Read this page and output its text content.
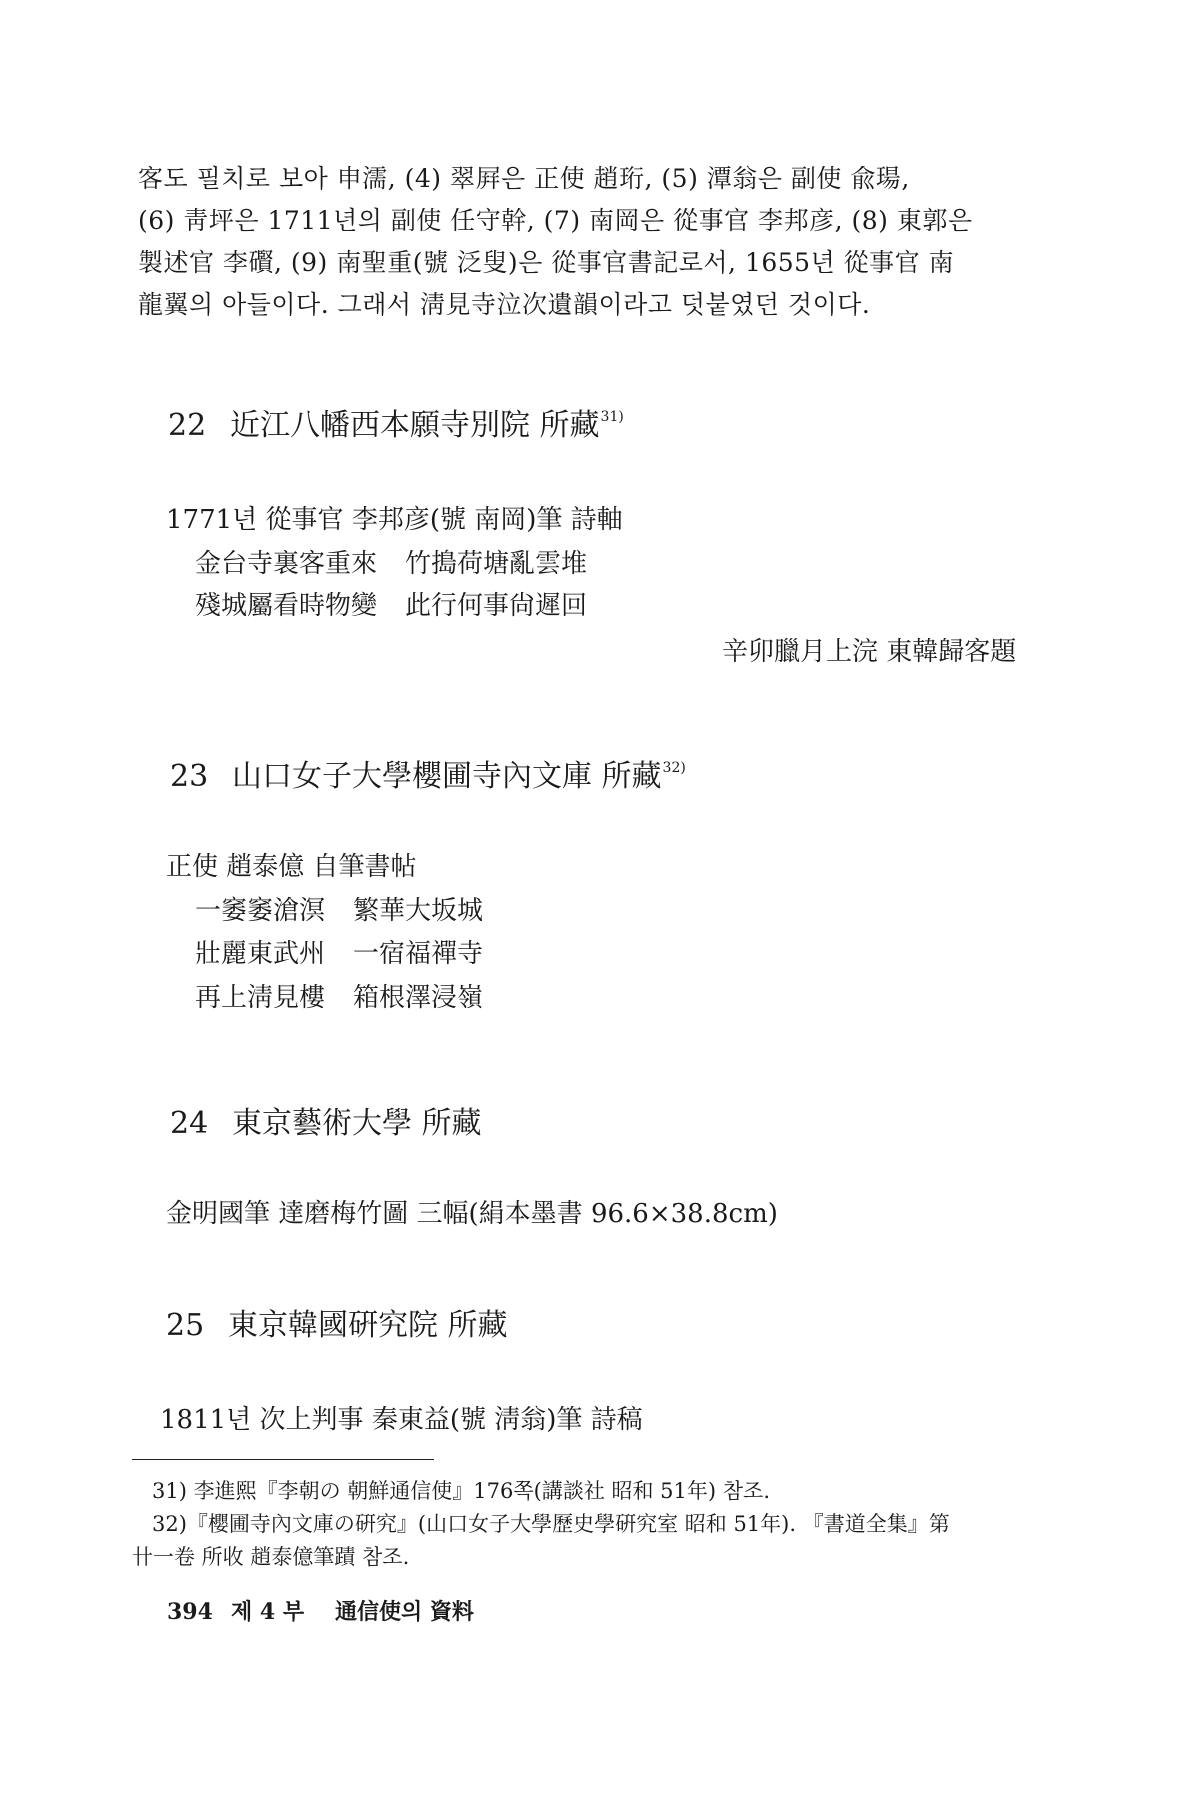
客도 필치로 보아 申濡, (4) 翠屛은 正使 趙珩, (5) 潭翁은 副使 兪瑒,
(6) 靑坪은 1711년의 副使 任守幹, (7) 南岡은 從事官 李邦彦, (8) 東郭은
製述官 李礥, (9) 南聖重(號 泛叟)은 從事官書記로서, 1655년 從事官 南
龍翼의 아들이다. 그래서 淸見寺泣次遺韻이라고 덧붙였던 것이다.
22 近江八幡西本願寺別院 所藏$^{31)}$
1771년 從事官 李邦彦(號 南岡)筆 詩軸
金台寺裏客重來 竹搗荷塘亂雲堆
殘城屬看時物變 此行何事尙遲回
辛卯臘月上浣 東韓歸客題
23 山口女子大學櫻圃寺內文庫 所藏$^{32)}$
正使 趙泰億 自筆書帖
一䆧䆧滄溟 繁華大坂城
壯麗東武州 一宿福禪寺
再上淸見樓 箱根澤浸嶺
24 東京藝術大學 所藏
金明國筆 達磨梅竹圖 三幅(絹本墨書 96.6×38.8cm)
25 東京韓國硏究院 所藏
1811년 次上判事 秦東益(號 淸翁)筆 詩稿
31) 李進熙『李朝の 朝鮮通信使』176쪽(講談社 昭和 51年) 참조.
32)『櫻圃寺內文庫の硏究』(山口女子大學歷史學硏究室 昭和 51年). 『書道全集』第
卄一卷 所收 趙泰億筆蹟 참조.
394 제 4 부 通信使의 資料
